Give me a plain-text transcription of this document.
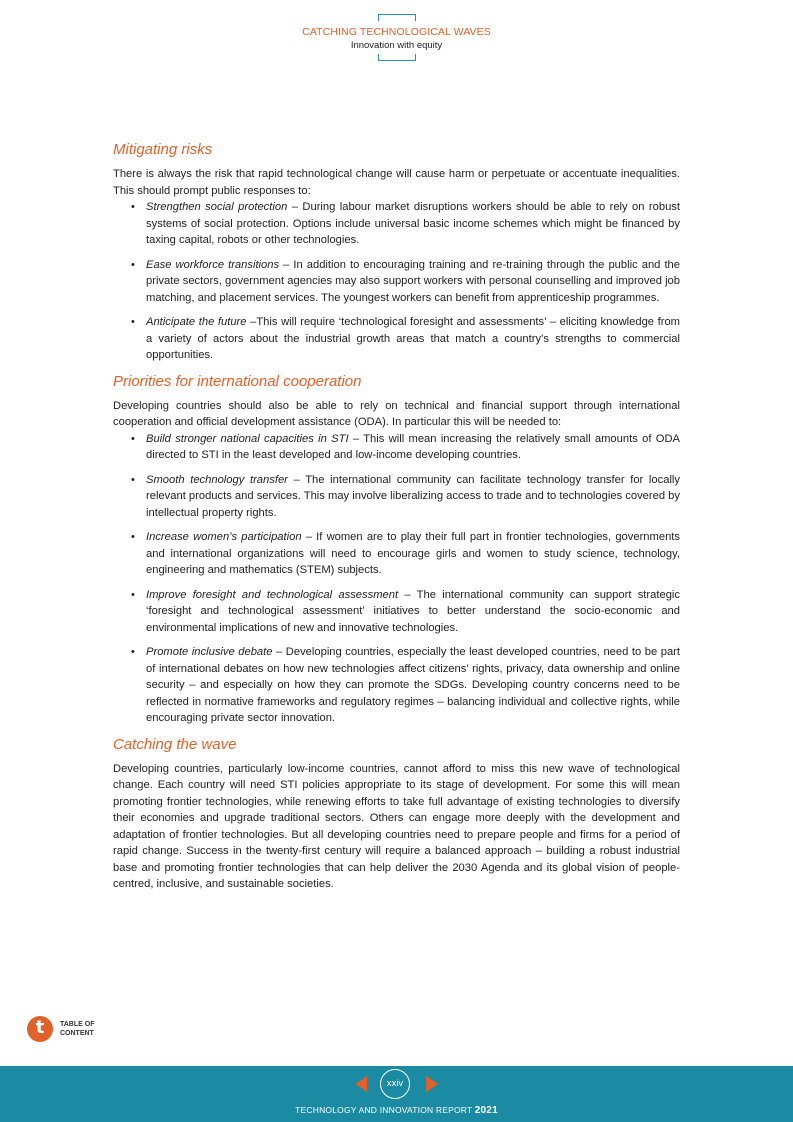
CATCHING TECHNOLOGICAL WAVES
Innovation with equity
Mitigating risks

There is always the risk that rapid technological change will cause harm or perpetuate or accentuate inequalities. This should prompt public responses to:

• Strengthen social protection – During labour market disruptions workers should be able to rely on robust systems of social protection. Options include universal basic income schemes which might be financed by taxing capital, robots or other technologies.
• Ease workforce transitions – In addition to encouraging training and re-training through the public and the private sectors, government agencies may also support workers with personal counselling and improved job matching, and placement services. The youngest workers can benefit from apprenticeship programmes.
• Anticipate the future –This will require ‘technological foresight and assessments’ – eliciting knowledge from a variety of actors about the industrial growth areas that match a country’s strengths to commercial opportunities.
Priorities for international cooperation

Developing countries should also be able to rely on technical and financial support through international cooperation and official development assistance (ODA). In particular this will be needed to:

• Build stronger national capacities in STI – This will mean increasing the relatively small amounts of ODA directed to STI in the least developed and low-income developing countries.
• Smooth technology transfer – The international community can facilitate technology transfer for locally relevant products and services. This may involve liberalizing access to trade and to technologies covered by intellectual property rights.
• Increase women’s participation – If women are to play their full part in frontier technologies, governments and international organizations will need to encourage girls and women to study science, technology, engineering and mathematics (STEM) subjects.
• Improve foresight and technological assessment – The international community can support strategic ‘foresight and technological assessment’ initiatives to better understand the socio-economic and environmental implications of new and innovative technologies.
• Promote inclusive debate – Developing countries, especially the least developed countries, need to be part of international debates on how new technologies affect citizens’ rights, privacy, data ownership and online security – and especially on how they can promote the SDGs. Developing country concerns need to be reflected in normative frameworks and regulatory regimes – balancing individual and collective rights, while encouraging private sector innovation.
Catching the wave

Developing countries, particularly low-income countries, cannot afford to miss this new wave of technological change. Each country will need STI policies appropriate to its stage of development. For some this will mean promoting frontier technologies, while renewing efforts to take full advantage of existing technologies to diversify their economies and upgrade traditional sectors. Others can engage more deeply with the development and adaptation of frontier technologies. But all developing countries need to prepare people and firms for a period of rapid change. Success in the twenty-first century will require a balanced approach – building a robust industrial base and promoting frontier technologies that can help deliver the 2030 Agenda and its global vision of people-centred, inclusive, and sustainable societies.

t	TABLE OF
CONTENT
xxiv
TECHNOLOGY AND INNOVATION REPORT 2021
